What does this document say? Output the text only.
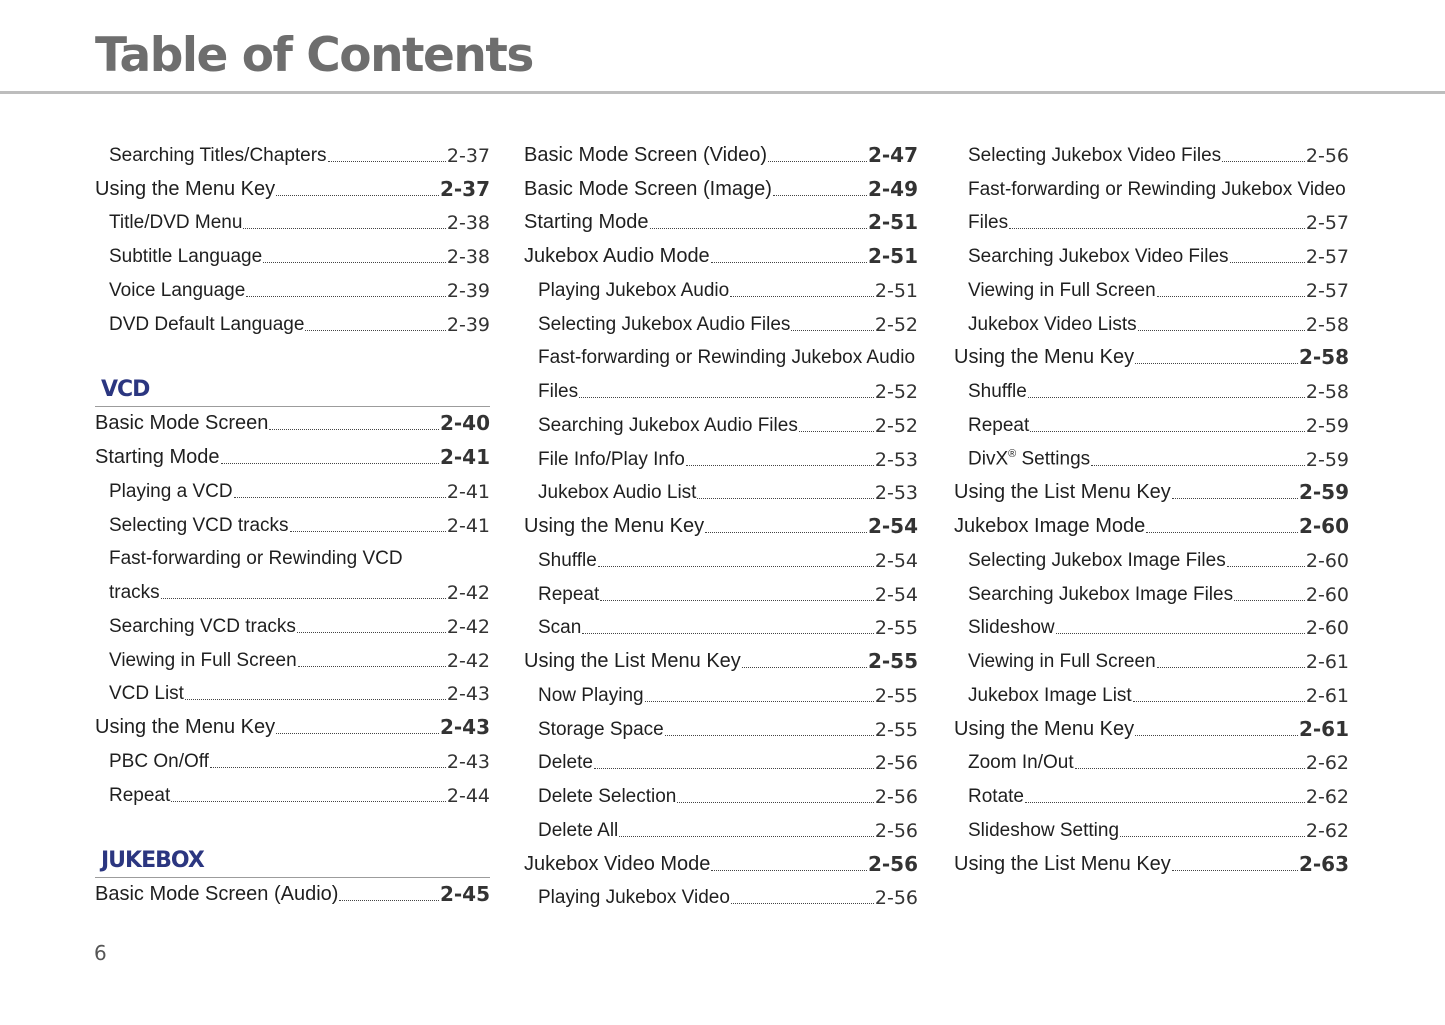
Table of Contents
Searching Titles/Chapters	2-37
Using the Menu Key	2-37
Title/DVD Menu	2-38
Subtitle Language	2-38
Voice Language	2-39
DVD Default Language	2-39
VCD
Basic Mode Screen	2-40
Starting Mode	2-41
Playing a VCD	2-41
Selecting VCD tracks	2-41
Fast-forwarding or Rewinding VCD
tracks	2-42
Searching VCD tracks	2-42
Viewing in Full Screen	2-42
VCD List	2-43
Using the Menu Key	2-43
PBC On/Off	2-43
Repeat	2-44
JUKEBOX
Basic Mode Screen (Audio)	2-45
Basic Mode Screen (Video)	2-47
Basic Mode Screen (Image)	2-49
Starting Mode	2-51
Jukebox Audio Mode	2-51
Playing Jukebox Audio	2-51
Selecting Jukebox Audio Files	2-52
Fast-forwarding or Rewinding Jukebox Audio
Files	2-52
Searching Jukebox Audio Files	2-52
File Info/Play Info	2-53
Jukebox Audio List	2-53
Using the Menu Key	2-54
Shuffle	2-54
Repeat	2-54
Scan	2-55
Using the List Menu Key	2-55
Now Playing	2-55
Storage Space	2-55
Delete	2-56
Delete Selection	2-56
Delete All	2-56
Jukebox Video Mode	2-56
Playing Jukebox Video	2-56
Selecting Jukebox Video Files	2-56
Fast-forwarding or Rewinding Jukebox Video
Files	2-57
Searching Jukebox Video Files	2-57
Viewing in Full Screen	2-57
Jukebox Video Lists	2-58
Using the Menu Key	2-58
Shuffle	2-58
Repeat	2-59
DivX® Settings	2-59
Using the List Menu Key	2-59
Jukebox Image Mode	2-60
Selecting Jukebox Image Files	2-60
Searching Jukebox Image Files	2-60
Slideshow	2-60
Viewing in Full Screen	2-61
Jukebox Image List	2-61
Using the Menu Key	2-61
Zoom In/Out	2-62
Rotate	2-62
Slideshow Setting	2-62
Using the List Menu Key	2-63
6
